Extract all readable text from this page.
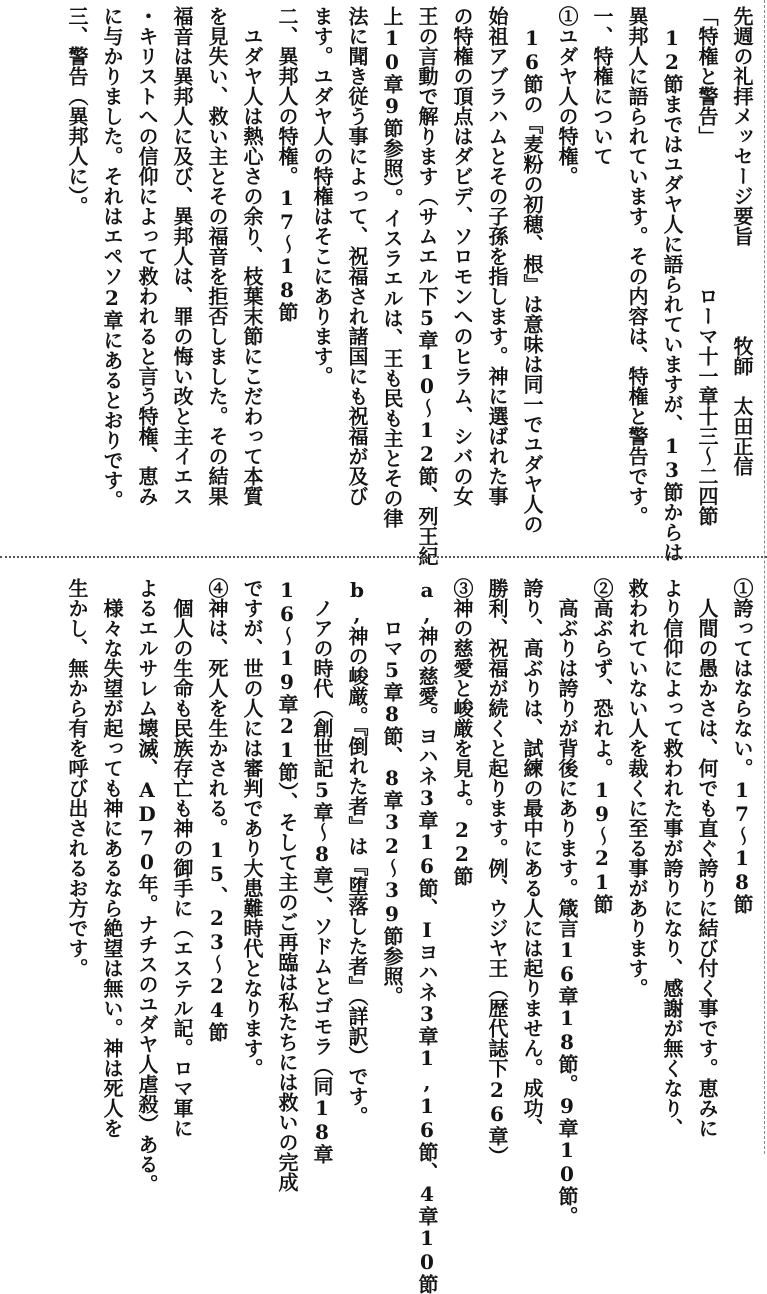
先週の礼拝メッセージ要旨牧師　太田正信
「特権と警告」ローマ十一章十三〜二四節
12節まではユダヤ人に語られていますが、13節からは
異邦人に語られています。その内容は、特権と警告です。
一、特権について
①ユダヤ人の特権。
16節の『麦粉の初穂、根』は意味は同一でユダヤ人の
始祖アブラハムとその子孫を指します。神に選ばれた事
の特権の頂点はダビデ、ソロモンへのヒラム、シバの女
王の言動で解ります（サムエル下5章10〜12節、列王紀
上10章9節参照）。イスラエルは、王も民も主とその律
法に聞き従う事によって、祝福され諸国にも祝福が及び
ます。ユダヤ人の特権はそこにあります。
二、異邦人の特権。17〜18節
ユダヤ人は熱心さの余り、枝葉末節にこだわって本質
を見失い、救い主とその福音を拒否しました。その結果
福音は異邦人に及び、異邦人は、罪の悔い改と主イエス
・キリストへの信仰によって救われると言う特権、恵み
に与かりました。それはエペソ2章にあるとおりです。
三、警告（異邦人に）。
①誇ってはならない。17〜18節
人間の愚かさは、何でも直ぐ誇りに結び付く事です。恵みに
より信仰によって救われた事が誇りになり、感謝が無くなり、
救われていない人を裁くに至る事があります。
②高ぶらず、恐れよ。19〜21節
高ぶりは誇りが背後にあります。箴言16章18節。9章10節。
誇り、高ぶりは、試練の最中にある人には起りません。成功、
勝利、祝福が続くと起ります。例、ウジヤ王（歴代誌下26章）
③神の慈愛と峻厳を見よ。22節
a,神の慈愛。ヨハネ3章16節、Iヨハネ3章1,16節、4章10節
ロマ5章8節、8章32〜39節参照。
b,神の峻厳。『倒れた者』は『堕落した者』（詳訳）です。
ノアの時代（創世記5章〜8章）、ソドムとゴモラ（同18章
16〜19章21節）、そして主のご再臨は私たちには救いの完成
ですが、世の人には審判であり大患難時代となります。
④神は、死人を生かされる。15、23〜24節
個人の生命も民族存亡も神の御手に（エステル記。ロマ軍に
よるエルサレム壊滅、AD70年。ナチスのユダヤ人虐殺）ある。
様々な失望が起っても神にあるなら絶望は無い。神は死人を
生かし、無から有を呼び出されるお方です。
